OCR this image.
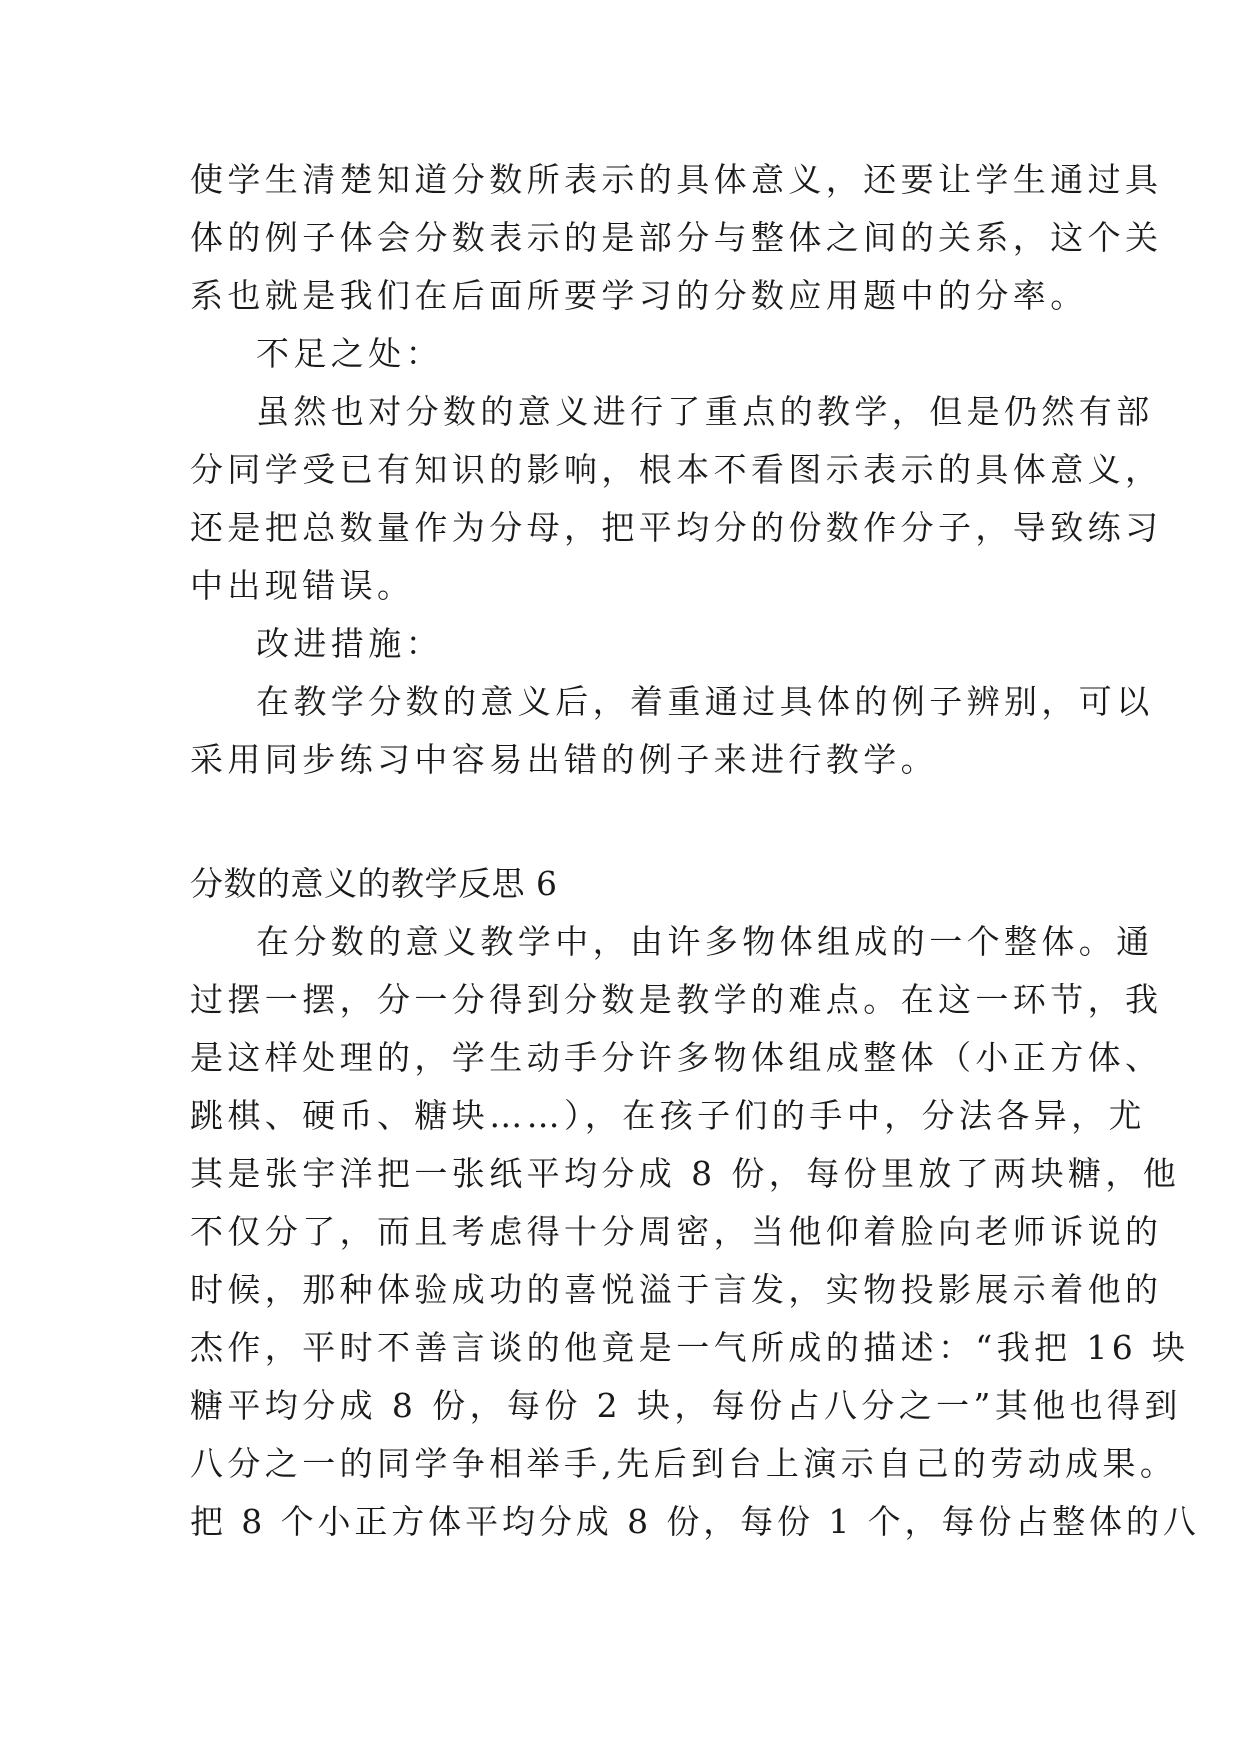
使学生清楚知道分数所表示的具体意义，还要让学生通过具
体的例子体会分数表示的是部分与整体之间的关系，这个关
系也就是我们在后面所要学习的分数应用题中的分率。
不足之处：
虽然也对分数的意义进行了重点的教学，但是仍然有部
分同学受已有知识的影响，根本不看图示表示的具体意义，
还是把总数量作为分母，把平均分的份数作分子，导致练习
中出现错误。
改进措施：
在教学分数的意义后，着重通过具体的例子辨别，可以
采用同步练习中容易出错的例子来进行教学。
分数的意义的教学反思 6
在分数的意义教学中，由许多物体组成的一个整体。通
过摆一摆，分一分得到分数是教学的难点。在这一环节，我
是这样处理的，学生动手分许多物体组成整体（小正方体、
跳棋、硬币、糖块……），在孩子们的手中，分法各异，尤
其是张宇洋把一张纸平均分成 8 份，每份里放了两块糖，他
不仅分了，而且考虑得十分周密，当他仰着脸向老师诉说的
时候，那种体验成功的喜悦溢于言发，实物投影展示着他的
杰作，平时不善言谈的他竟是一气所成的描述：“我把 16 块
糖平均分成 8 份，每份 2 块，每份占八分之一”其他也得到
八分之一的同学争相举手,先后到台上演示自己的劳动成果。
把 8 个小正方体平均分成 8 份，每份 1 个，每份占整体的八
